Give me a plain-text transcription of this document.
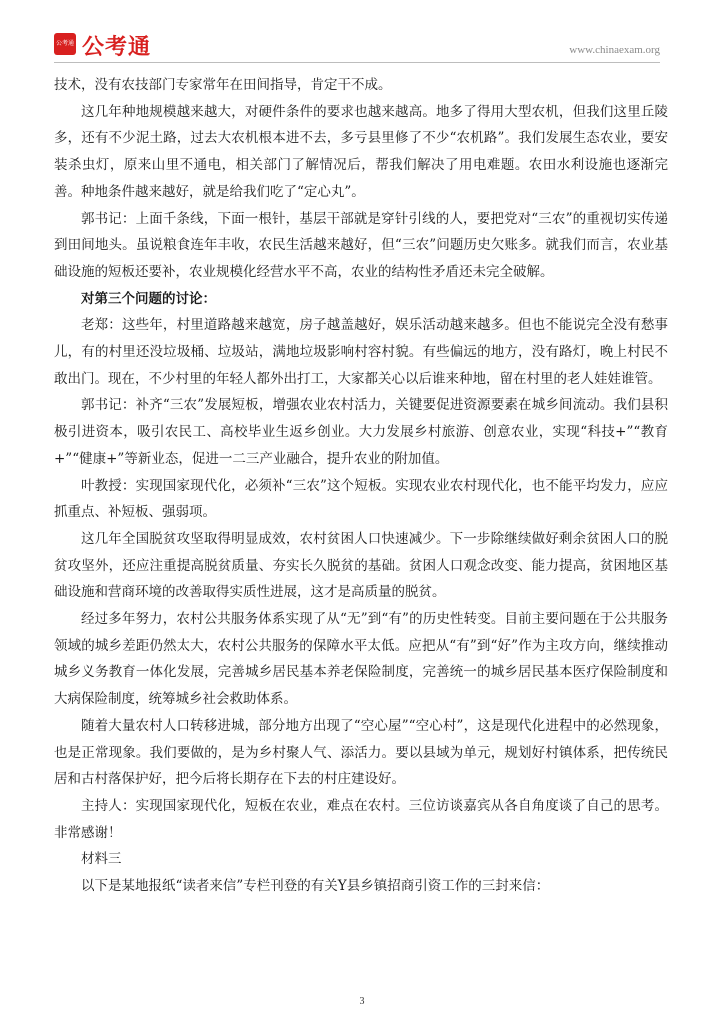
公考通 公考通	www.chinaexam.org

技术，没有农技部门专家常年在田间指导，肯定干不成。

这几年种地规模越来越大，对硬件条件的要求也越来越高。地多了得用大型农机，但我们这里丘陵多，还有不少泥土路，过去大农机根本进不去，多亏县里修了不少“农机路”。我们发展生态农业，要安装杀虫灯，原来山里不通电，相关部门了解情况后，帮我们解决了用电难题。农田水利设施也逐渐完善。种地条件越来越好，就是给我们吃了“定心丸”。

郭书记：上面千条线，下面一根针，基层干部就是穿针引线的人，要把党对“三农”的重视切实传递到田间地头。虽说粮食连年丰收，农民生活越来越好，但“三农”问题历史欠账多。就我们而言，农业基础设施的短板还要补，农业规模化经营水平不高，农业的结构性矛盾还未完全破解。

对第三个问题的讨论：

老郑：这些年，村里道路越来越宽，房子越盖越好，娱乐活动越来越多。但也不能说完全没有愁事儿，有的村里还没垃圾桶、垃圾站，满地垃圾影响村容村貌。有些偏远的地方，没有路灯，晚上村民不敢出门。现在，不少村里的年轻人都外出打工，大家都关心以后谁来种地，留在村里的老人娃娃谁管。

郭书记：补齐“三农”发展短板，增强农业农村活力，关键要促进资源要素在城乡间流动。我们县积极引进资本，吸引农民工、高校毕业生返乡创业。大力发展乡村旅游、创意农业，实现“科技+”“教育+”“健康+”等新业态，促进一二三产业融合，提升农业的附加值。

叶教授：实现国家现代化，必须补“三农”这个短板。实现农业农村现代化，也不能平均发力，应应抓重点、补短板、强弱项。

这几年全国脱贫攻坚取得明显成效，农村贫困人口快速减少。下一步除继续做好剩余贫困人口的脱贫攻坚外，还应注重提高脱贫质量、夯实长久脱贫的基础。贫困人口观念改变、能力提高，贫困地区基础设施和营商环境的改善取得实质性进展，这才是高质量的脱贫。

经过多年努力，农村公共服务体系实现了从“无”到“有”的历史性转变。目前主要问题在于公共服务领域的城乡差距仍然太大，农村公共服务的保障水平太低。应把从“有”到“好”作为主攻方向，继续推动城乡义务教育一体化发展，完善城乡居民基本养老保险制度，完善统一的城乡居民基本医疗保险制度和大病保险制度，统筹城乡社会救助体系。

随着大量农村人口转移进城，部分地方出现了“空心屋”“空心村”，这是现代化进程中的必然现象，也是正常现象。我们要做的，是为乡村聚人气、添活力。要以县域为单元，规划好村镇体系，把传统民居和古村落保护好，把今后将长期存在下去的村庄建设好。

主持人：实现国家现代化，短板在农业，难点在农村。三位访谈嘉宾从各自角度谈了自己的思考。非常感谢！

材料三

以下是某地报纸“读者来信”专栏刊登的有关Y县乡镇招商引资工作的三封来信：

3
